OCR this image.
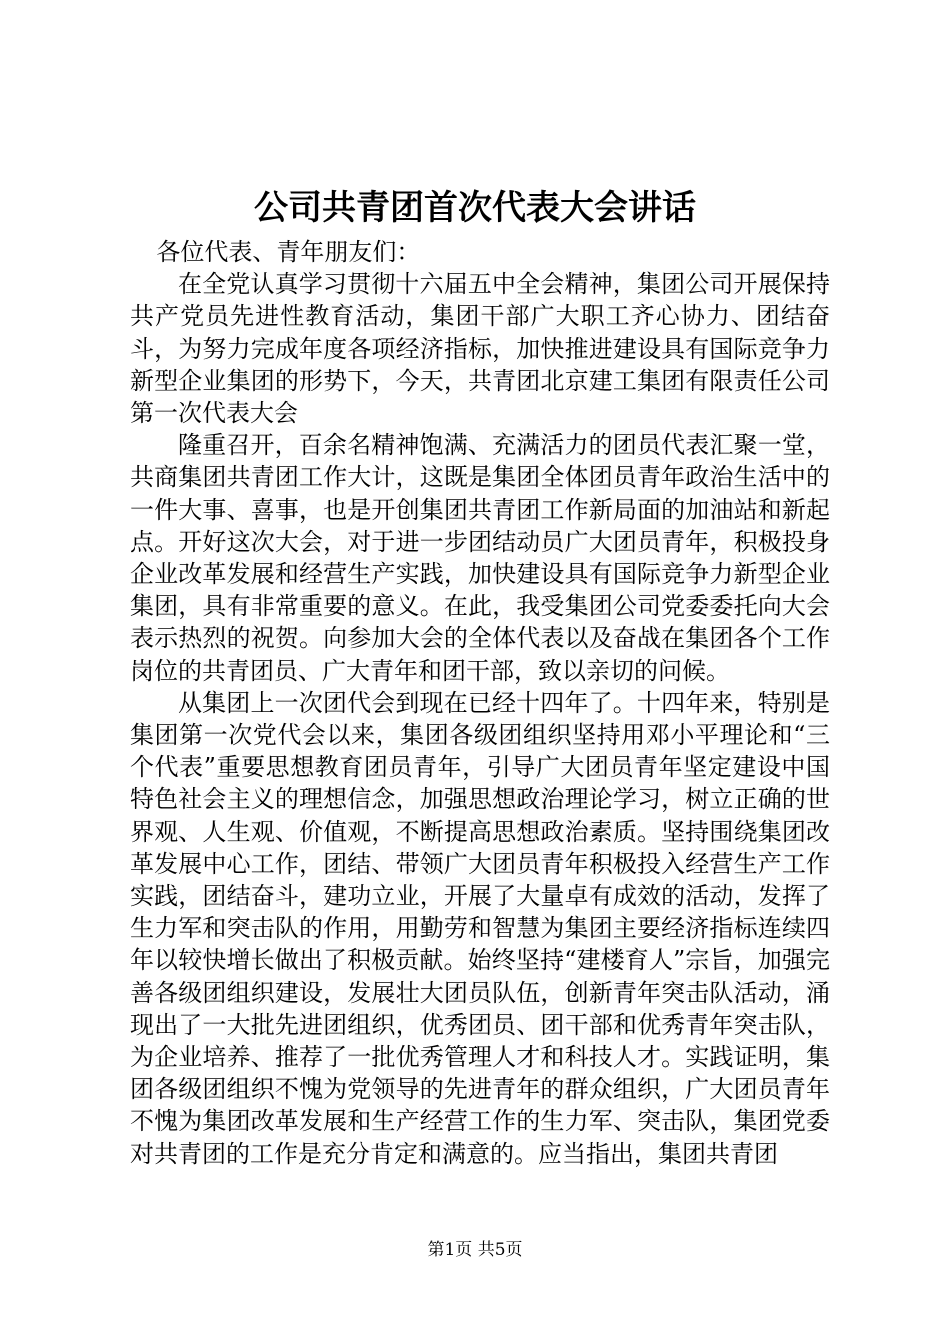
公司共青团首次代表大会讲话

各位代表、青年朋友们：

在全党认真学习贯彻十六届五中全会精神，集团公司开展保持共产党员先进性教育活动，集团干部广大职工齐心协力、团结奋斗，为努力完成年度各项经济指标，加快推进建设具有国际竞争力新型企业集团的形势下，今天，共青团北京建工集团有限责任公司第一次代表大会

隆重召开，百余名精神饱满、充满活力的团员代表汇聚一堂，共商集团共青团工作大计，这既是集团全体团员青年政治生活中的一件大事、喜事，也是开创集团共青团工作新局面的加油站和新起点。开好这次大会，对于进一步团结动员广大团员青年，积极投身企业改革发展和经营生产实践，加快建设具有国际竞争力新型企业集团，具有非常重要的意义。在此，我受集团公司党委委托向大会表示热烈的祝贺。向参加大会的全体代表以及奋战在集团各个工作岗位的共青团员、广大青年和团干部，致以亲切的问候。

从集团上一次团代会到现在已经十四年了。十四年来，特别是集团第一次党代会以来，集团各级团组织坚持用邓小平理论和“三个代表”重要思想教育团员青年，引导广大团员青年坚定建设中国特色社会主义的理想信念，加强思想政治理论学习，树立正确的世界观、人生观、价值观，不断提高思想政治素质。坚持围绕集团改革发展中心工作，团结、带领广大团员青年积极投入经营生产工作实践，团结奋斗，建功立业，开展了大量卓有成效的活动，发挥了生力军和突击队的作用，用勤劳和智慧为集团主要经济指标连续四年以较快增长做出了积极贡献。始终坚持“建楼育人”宗旨，加强完善各级团组织建设，发展壮大团员队伍，创新青年突击队活动，涌现出了一大批先进团组织，优秀团员、团干部和优秀青年突击队，为企业培养、推荐了一批优秀管理人才和科技人才。实践证明，集团各级团组织不愧为党领导的先进青年的群众组织，广大团员青年不愧为集团改革发展和生产经营工作的生力军、突击队，集团党委对共青团的工作是充分肯定和满意的。应当指出，集团共青团

第1页 共5页
